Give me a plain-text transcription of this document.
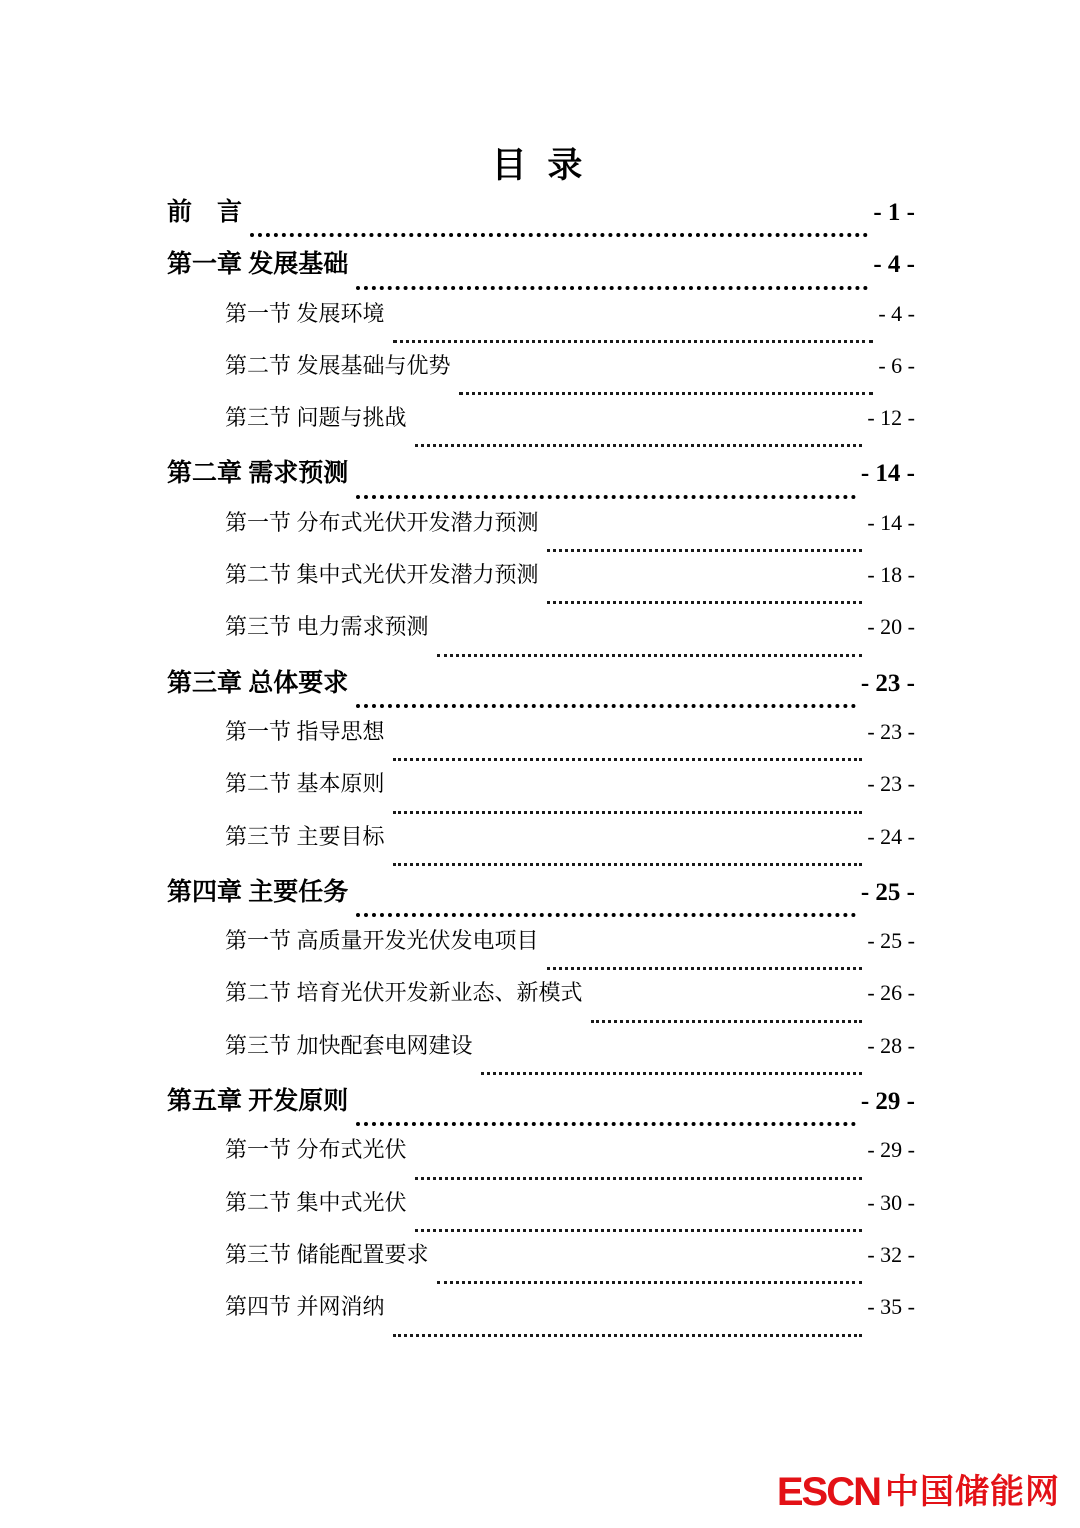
目 录
前　言	- 1 -
第一章 发展基础	- 4 -
第一节 发展环境	- 4 -
第二节 发展基础与优势	- 6 -
第三节 问题与挑战	- 12 -
第二章 需求预测	- 14 -
第一节 分布式光伏开发潜力预测	- 14 -
第二节 集中式光伏开发潜力预测	- 18 -
第三节 电力需求预测	- 20 -
第三章 总体要求	- 23 -
第一节 指导思想	- 23 -
第二节 基本原则	- 23 -
第三节 主要目标	- 24 -
第四章 主要任务	- 25 -
第一节 高质量开发光伏发电项目	- 25 -
第二节 培育光伏开发新业态、新模式	- 26 -
第三节 加快配套电网建设	- 28 -
第五章 开发原则	- 29 -
第一节 分布式光伏	- 29 -
第二节 集中式光伏	- 30 -
第三节 储能配置要求	- 32 -
第四节 并网消纳	- 35 -
ESCN 中国储能网
